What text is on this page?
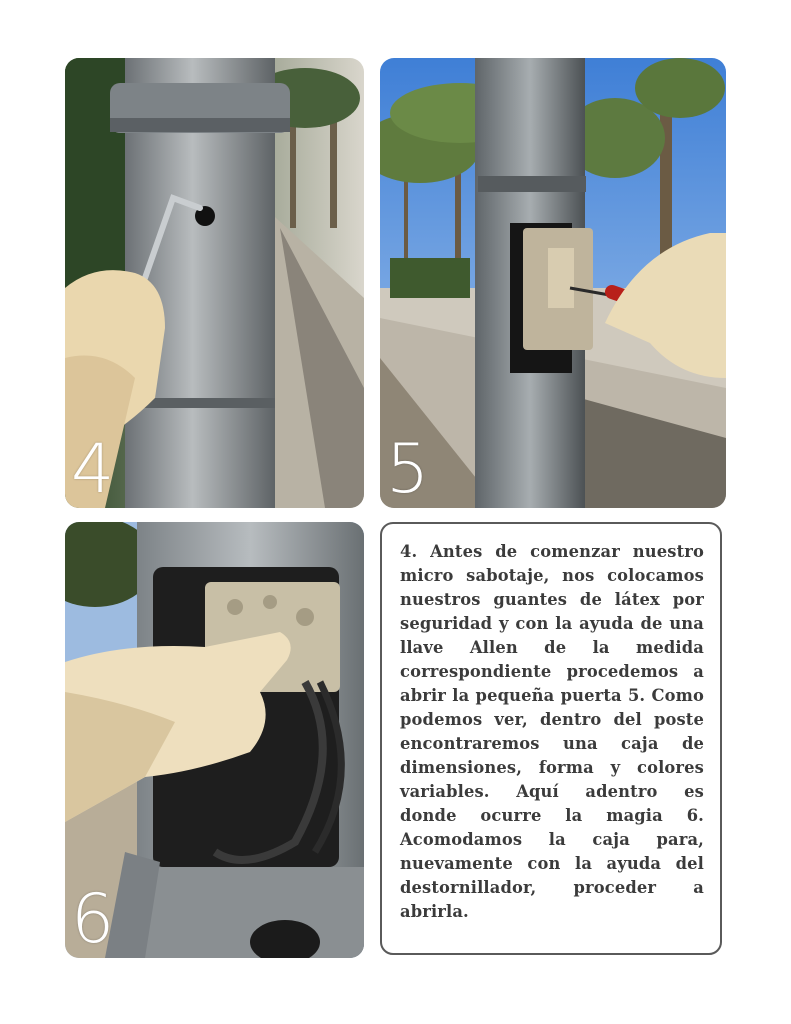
4	5
6

4. Antes de comenzar nuestro micro sabotaje, nos colocamos nuestros guantes de látex por seguridad y con la ayuda de una llave Allen de la medida correspondiente procedemos a abrir la pequeña puerta 5. Como podemos ver, dentro del poste encontraremos una caja de dimensiones, forma y colores variables. Aquí adentro es donde ocurre la magia 6. Acomodamos la caja para, nuevamente con la ayuda del destornillador, proceder a abrirla.
